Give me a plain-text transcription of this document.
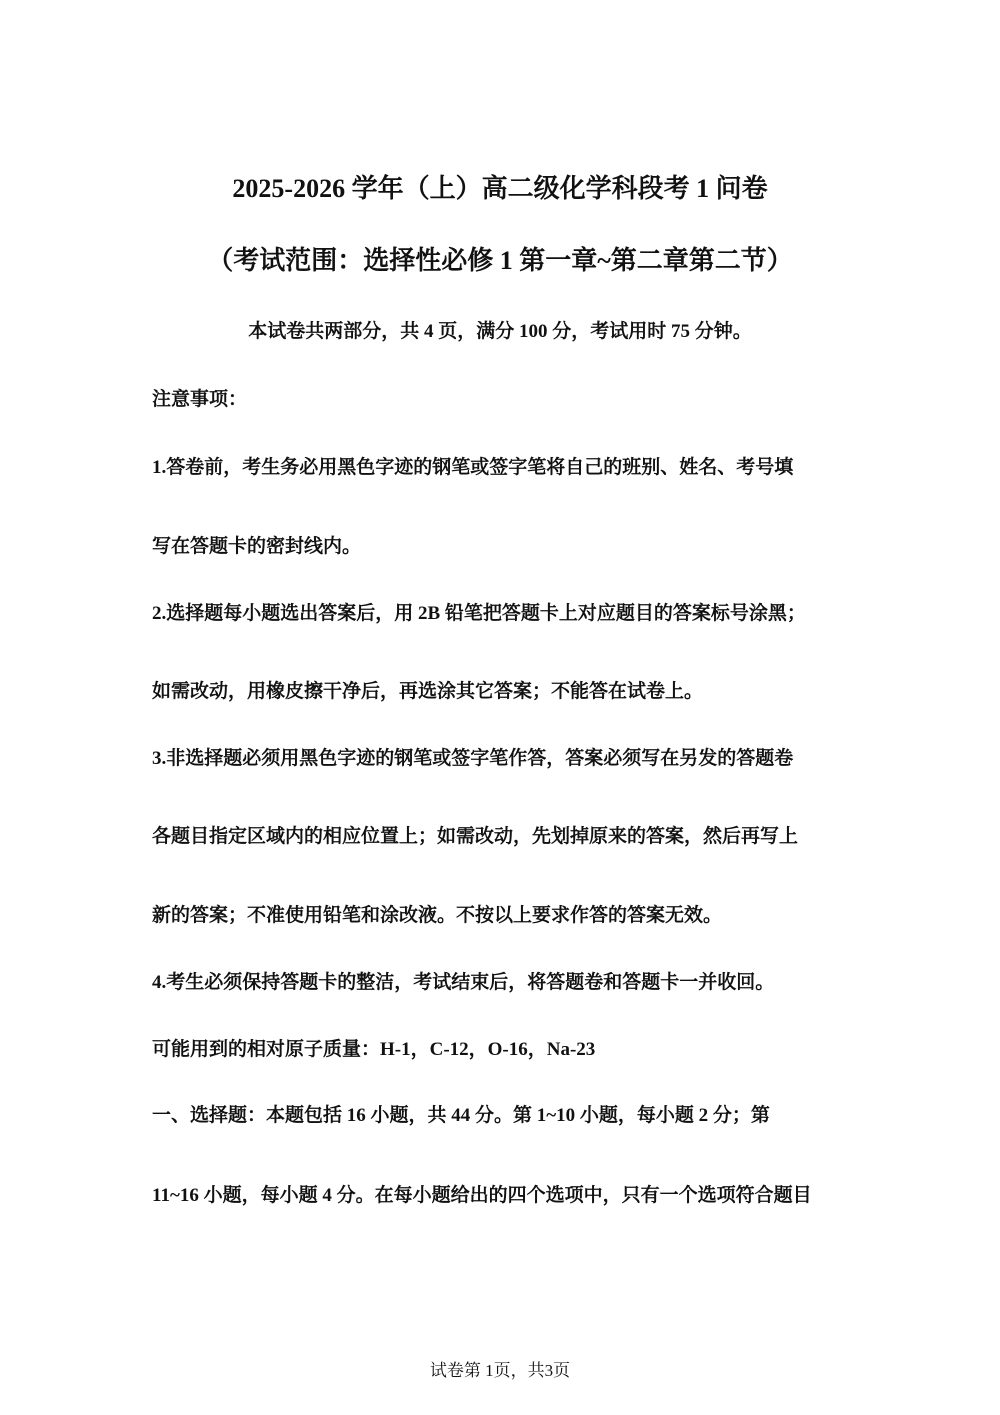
2025-2026 学年（上）高二级化学科段考 1 问卷
（考试范围：选择性必修 1 第一章~第二章第二节）
本试卷共两部分，共 4 页，满分 100 分，考试用时 75 分钟。
注意事项：
1.答卷前，考生务必用黑色字迹的钢笔或签字笔将自己的班别、姓名、考号填
写在答题卡的密封线内。
2.选择题每小题选出答案后，用 2B 铅笔把答题卡上对应题目的答案标号涂黑；
如需改动，用橡皮擦干净后，再选涂其它答案；不能答在试卷上。
3.非选择题必须用黑色字迹的钢笔或签字笔作答，答案必须写在另发的答题卷
各题目指定区域内的相应位置上；如需改动，先划掉原来的答案，然后再写上
新的答案；不准使用铅笔和涂改液。不按以上要求作答的答案无效。
4.考生必须保持答题卡的整洁，考试结束后，将答题卷和答题卡一并收回。
可能用到的相对原子质量：H-1，C-12，O-16，Na-23
一、选择题：本题包括 16 小题，共 44 分。第 1~10 小题，每小题 2 分；第
11~16 小题，每小题 4 分。在每小题给出的四个选项中，只有一个选项符合题目
试卷第 1页，共3页
